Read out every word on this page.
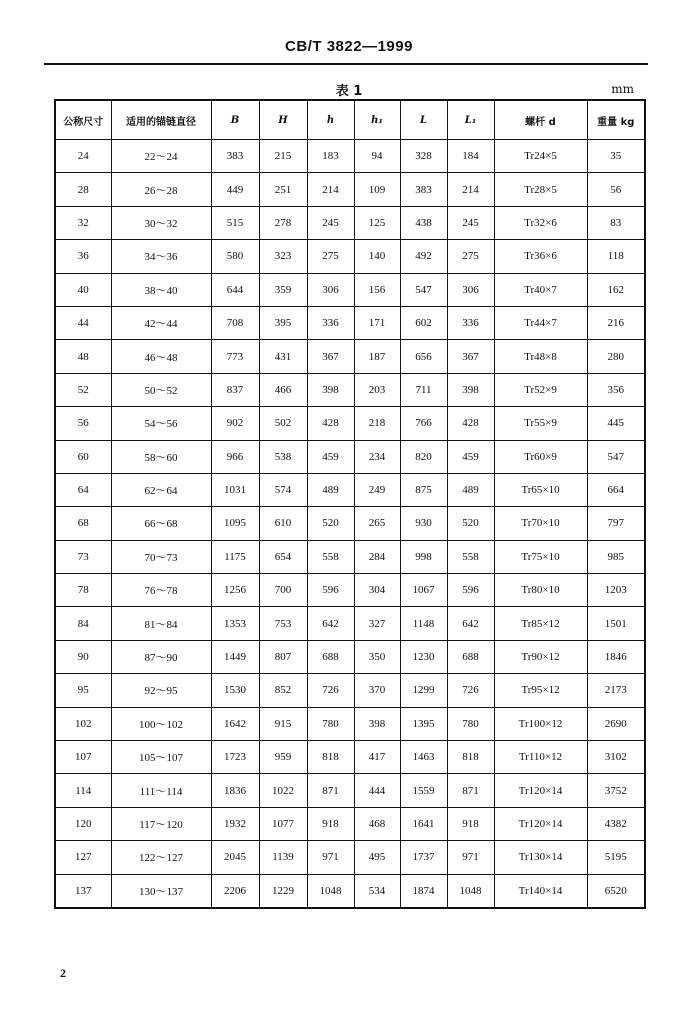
CB/T 3822—1999
表 1	mm
公称尺寸	适用的锚链直径	B	H	h	h₁	L	L₁	螺杆 d	重量 kg
24	22～24	383	215	183	94	328	184	Tr24×5	35
28	26～28	449	251	214	109	383	214	Tr28×5	56
32	30～32	515	278	245	125	438	245	Tr32×6	83
36	34～36	580	323	275	140	492	275	Tr36×6	118
40	38～40	644	359	306	156	547	306	Tr40×7	162
44	42～44	708	395	336	171	602	336	Tr44×7	216
48	46～48	773	431	367	187	656	367	Tr48×8	280
52	50～52	837	466	398	203	711	398	Tr52×9	356
56	54～56	902	502	428	218	766	428	Tr55×9	445
60	58～60	966	538	459	234	820	459	Tr60×9	547
64	62～64	1031	574	489	249	875	489	Tr65×10	664
68	66～68	1095	610	520	265	930	520	Tr70×10	797
73	70～73	1175	654	558	284	998	558	Tr75×10	985
78	76～78	1256	700	596	304	1067	596	Tr80×10	1203
84	81～84	1353	753	642	327	1148	642	Tr85×12	1501
90	87～90	1449	807	688	350	1230	688	Tr90×12	1846
95	92～95	1530	852	726	370	1299	726	Tr95×12	2173
102	100～102	1642	915	780	398	1395	780	Tr100×12	2690
107	105～107	1723	959	818	417	1463	818	Tr110×12	3102
114	111～114	1836	1022	871	444	1559	871	Tr120×14	3752
120	117～120	1932	1077	918	468	1641	918	Tr120×14	4382
127	122～127	2045	1139	971	495	1737	971	Tr130×14	5195
137	130～137	2206	1229	1048	534	1874	1048	Tr140×14	6520
2
